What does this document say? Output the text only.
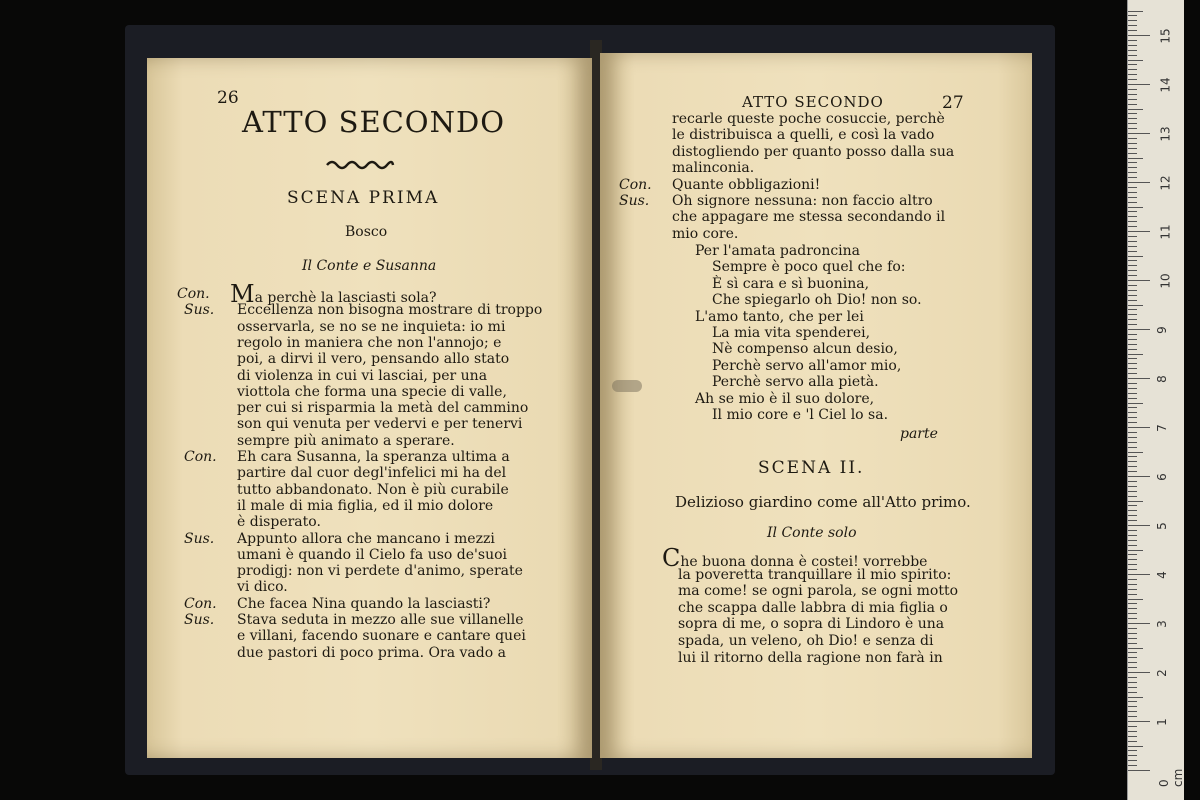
26
ATTO SECONDO
SCENA PRIMA
Bosco
Il Conte e Susanna
Con. Ma perchè la lasciasti sola?
Sus. Eccellenza non bisogna mostrare di troppo
osservarla, se no se ne inquieta: io mi
regolo in maniera che non l'annojo; e
poi, a dirvi il vero, pensando allo stato
di violenza in cui vi lasciai, per una
viottola che forma una specie di valle,
per cui si risparmia la metà del cammino
son qui venuta per vedervi e per tenervi
sempre più animato a sperare.
Con. Eh cara Susanna, la speranza ultima a
partire dal cuor degl'infelici mi ha del
tutto abbandonato. Non è più curabile
il male di mia figlia, ed il mio dolore
è disperato.
Sus. Appunto allora che mancano i mezzi
umani è quando il Cielo fa uso de'suoi
prodigj: non vi perdete d'animo, sperate
vi dico.
Con. Che facea Nina quando la lasciasti?
Sus. Stava seduta in mezzo alle sue villanelle
e villani, facendo suonare e cantare quei
due pastori di poco prima. Ora vado a
ATTO SECONDO	27
recarle queste poche cosuccie, perchè
le distribuisca a quelli, e così la vado
distogliendo per quanto posso dalla sua
malinconia.
Con. Quante obbligazioni!
Sus. Oh signore nessuna: non faccio altro
che appagare me stessa secondando il
mio core.
Per l'amata padroncina
Sempre è poco quel che fo:
È sì cara e sì buonina,
Che spiegarlo oh Dio! non so.
L'amo tanto, che per lei
La mia vita spenderei,
Nè compenso alcun desio,
Perchè servo all'amor mio,
Perchè servo alla pietà.
Ah se mio è il suo dolore,
Il mio core e 'l Ciel lo sa.
parte
SCENA II.
Delizioso giardino come all'Atto primo.
Il Conte solo
Che buona donna è costei! vorrebbe
la poveretta tranquillare il mio spirito:
ma come! se ogni parola, se ogni motto
che scappa dalle labbra di mia figlia o
sopra di me, o sopra di Lindoro è una
spada, un veleno, oh Dio! e senza di
lui il ritorno della ragione non farà in
1
2
3
4
5
6
7
8
9
10
11
12
13
14
15
0 cm
